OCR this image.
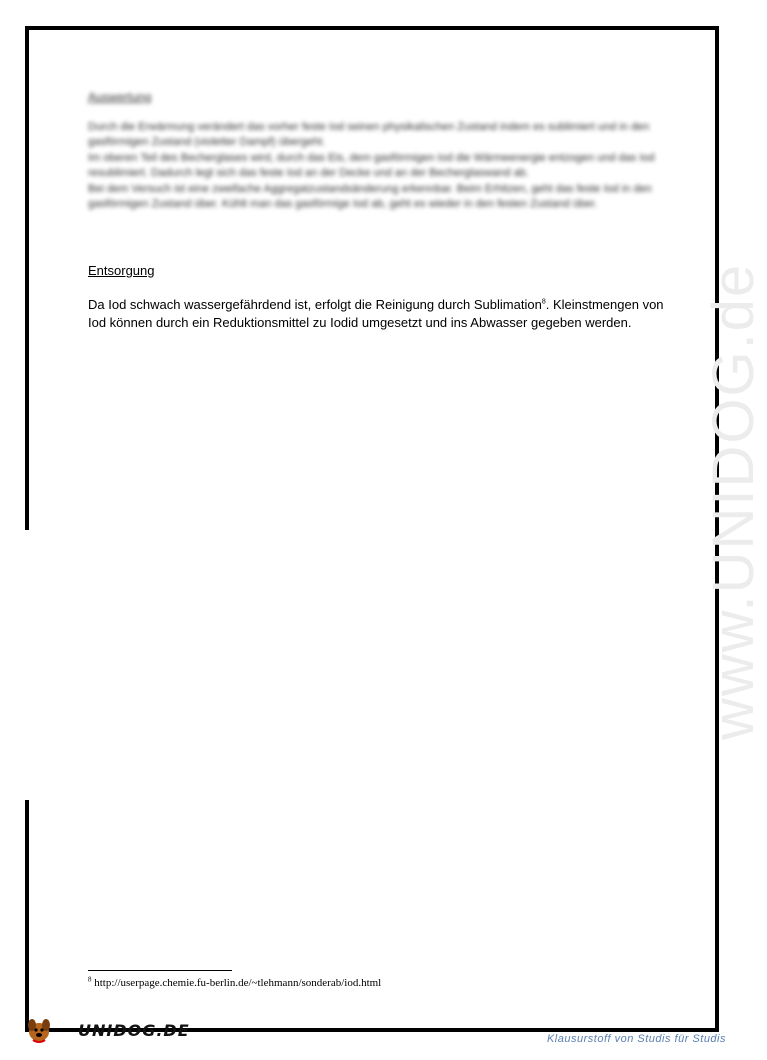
www.UNIDOG.de
Auswertung

Durch die Erwärmung verändert das vorher feste Iod seinen physikalischen Zustand indem es sublimiert und in den gasförmigen Zustand (violetter Dampf) übergeht.

Im oberen Teil des Becherglases wird, durch das Eis, dem gasförmigen Iod die Wärmeenergie entzogen und das Iod resublimiert. Dadurch legt sich das feste Iod an der Decke und an der Becherglaswand ab.

Bei dem Versuch ist eine zweifache Aggregatzustandsänderung erkennbar. Beim Erhitzen, geht das feste Iod in den gasförmigen Zustand über. Kühlt man das gasförmige Iod ab, geht es wieder in den festen Zustand über.

Entsorgung
Da Iod schwach wassergefährdend ist, erfolgt die Reinigung durch Sublimation$^8$. Kleinstmengen von Iod können durch ein Reduktionsmittel zu Iodid umgesetzt und ins Abwasser gegeben werden.
$^8$ http://userpage.chemie.fu-berlin.de/~tlehmann/sonderab/iod.html
UNIDOG.DE	Klausurstoff von Studis für Studis
